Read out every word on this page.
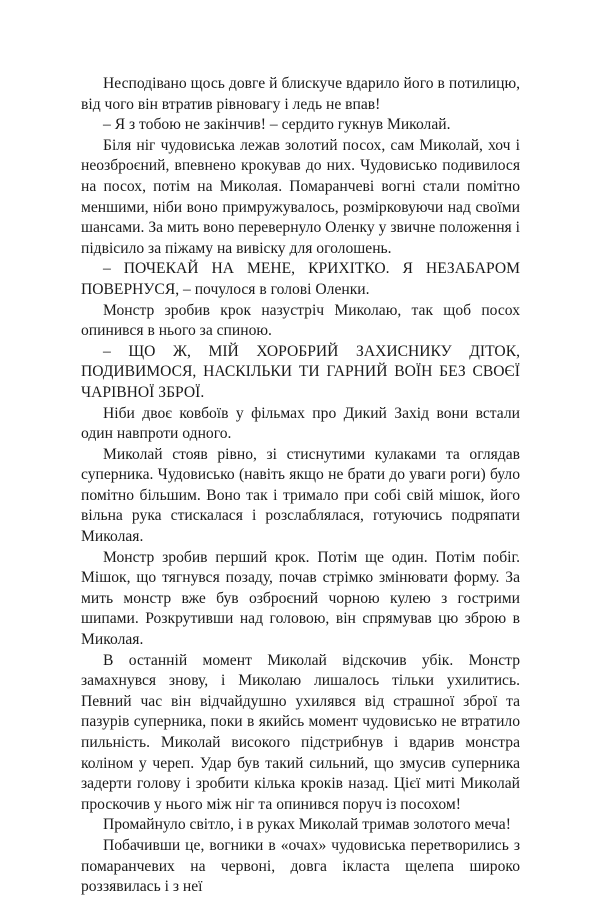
Несподівано щось довге й блискуче вдарило його в потилицю, від чого він втратив рівновагу і ледь не впав!

– Я з тобою не закінчив! – сердито гукнув Миколай.

Біля ніг чудовиська лежав золотий посох, сам Миколай, хоч і неозброєний, впевнено крокував до них. Чудовисько подивилося на посох, потім на Миколая. Помаранчеві вогні стали помітно меншими, ніби воно примружувалось, розмірковуючи над своїми шансами. За мить воно перевернуло Оленку у звичне положення і підвісило за піжаму на вивіску для оголошень.

– ПОЧЕКАЙ НА МЕНЕ, КРИХІТКО. Я НЕЗАБАРОМ ПОВЕРНУСЯ, – почулося в голові Оленки.

Монстр зробив крок назустріч Миколаю, так щоб посох опинився в нього за спиною.

– ЩО Ж, МІЙ ХОРОБРИЙ ЗАХИСНИКУ ДІТОК, ПОДИВИМОСЯ, НАСКІЛЬКИ ТИ ГАРНИЙ ВОЇН БЕЗ СВОЄЇ ЧАРІВНОЇ ЗБРОЇ.

Ніби двоє ковбоїв у фільмах про Дикий Захід вони встали один навпроти одного.

Миколай стояв рівно, зі стиснутими кулаками та оглядав суперника. Чудовисько (навіть якщо не брати до уваги роги) було помітно більшим. Воно так і тримало при собі свій мішок, його вільна рука стискалася і розслаблялася, готуючись подряпати Миколая.

Монстр зробив перший крок. Потім ще один. Потім побіг. Мішок, що тягнувся позаду, почав стрімко змінювати форму. За мить монстр вже був озброєний чорною кулею з гострими шипами. Розкрутивши над головою, він спрямував цю зброю в Миколая.

В останній момент Миколай відскочив убік. Монстр замахнувся знову, і Миколаю лишалось тільки ухилитись. Певний час він відчайдушно ухилявся від страшної зброї та пазурів суперника, поки в якийсь момент чудовисько не втратило пильність. Миколай високого підстрибнув і вдарив монстра коліном у череп. Удар був такий сильний, що змусив суперника задерти голову і зробити кілька кроків назад. Цієї миті Миколай проскочив у нього між ніг та опинився поруч із посохом!

Промайнуло світло, і в руках Миколай тримав золотого меча!

Побачивши це, вогники в «очах» чудовиська перетворились з помаранчевих на червоні, довга ікласта щелепа широко роззявилась і з неї
